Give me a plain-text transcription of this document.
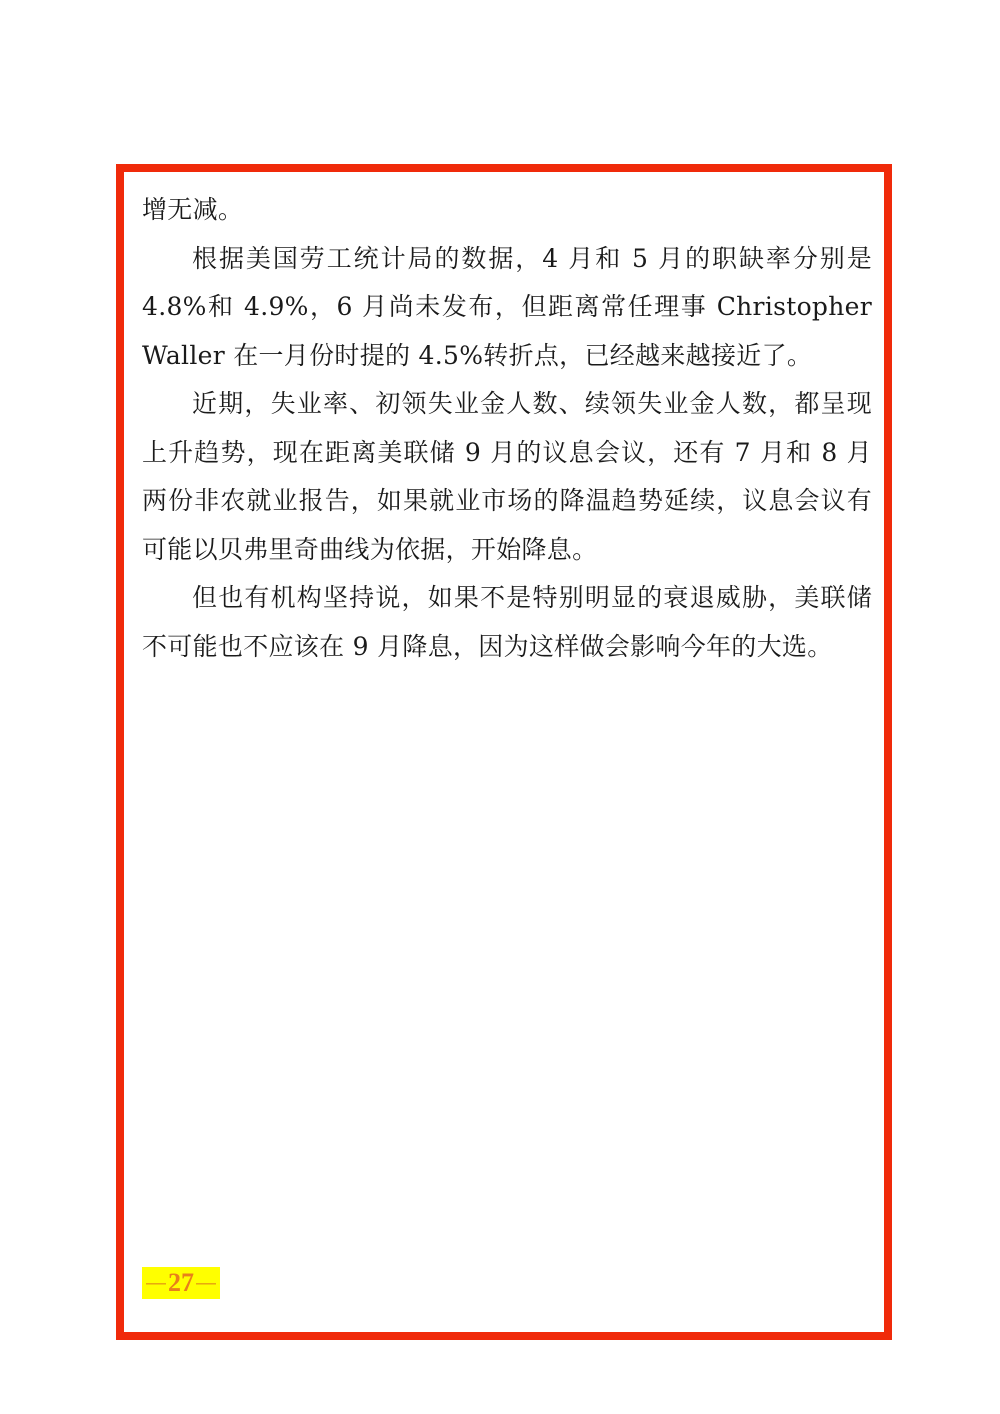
增无减。

根据美国劳工统计局的数据，4 月和 5 月的职缺率分别是 4.8%和 4.9%，6 月尚未发布，但距离常任理事 Christopher Waller 在一月份时提的 4.5%转折点，已经越来越接近了。

近期，失业率、初领失业金人数、续领失业金人数，都呈现上升趋势，现在距离美联储 9 月的议息会议，还有 7 月和 8 月两份非农就业报告，如果就业市场的降温趋势延续，议息会议有可能以贝弗里奇曲线为依据，开始降息。

但也有机构坚持说，如果不是特别明显的衰退威胁，美联储不可能也不应该在 9 月降息，因为这样做会影响今年的大选。

— 27 —
